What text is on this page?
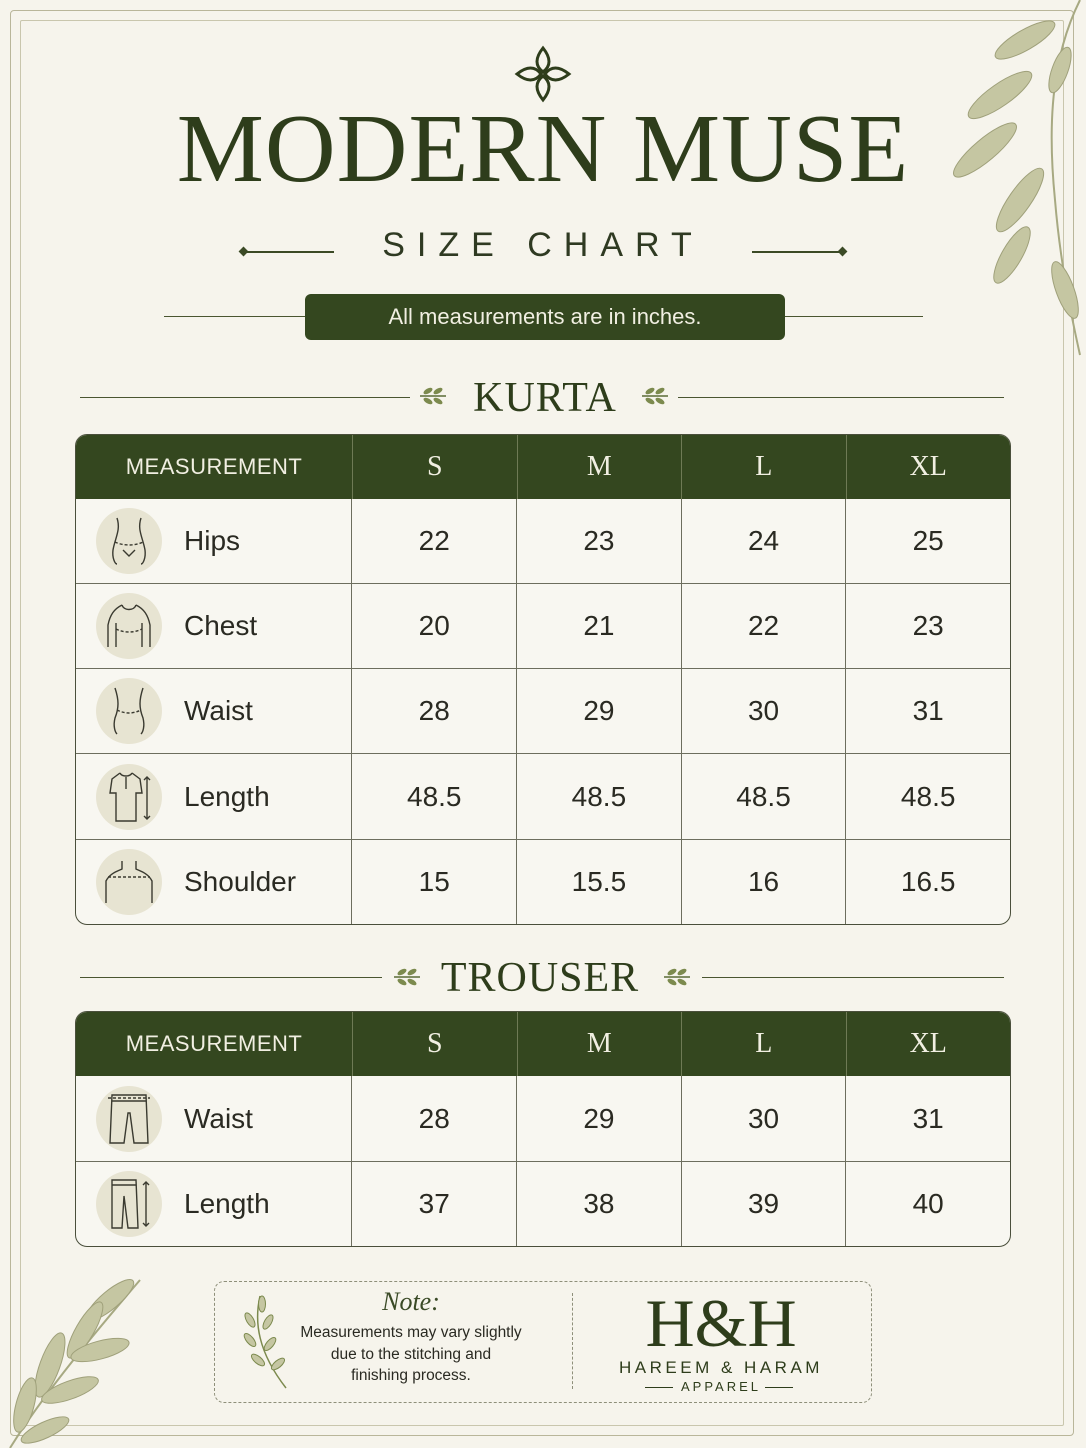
MODERN MUSE
SIZE CHART
All measurements are in inches.
KURTA
MEASUREMENT	S	M	L	XL
Hips	22	23	24	25
Chest	20	21	22	23
Waist	28	29	30	31
Length	48.5	48.5	48.5	48.5
Shoulder	15	15.5	16	16.5
TROUSER
MEASUREMENT	S	M	L	XL
Waist	28	29	30	31
Length	37	38	39	40
Note:
Measurements may vary slightly
due to the stitching and
finishing process.
H&H
HAREEM & HARAM
APPAREL
